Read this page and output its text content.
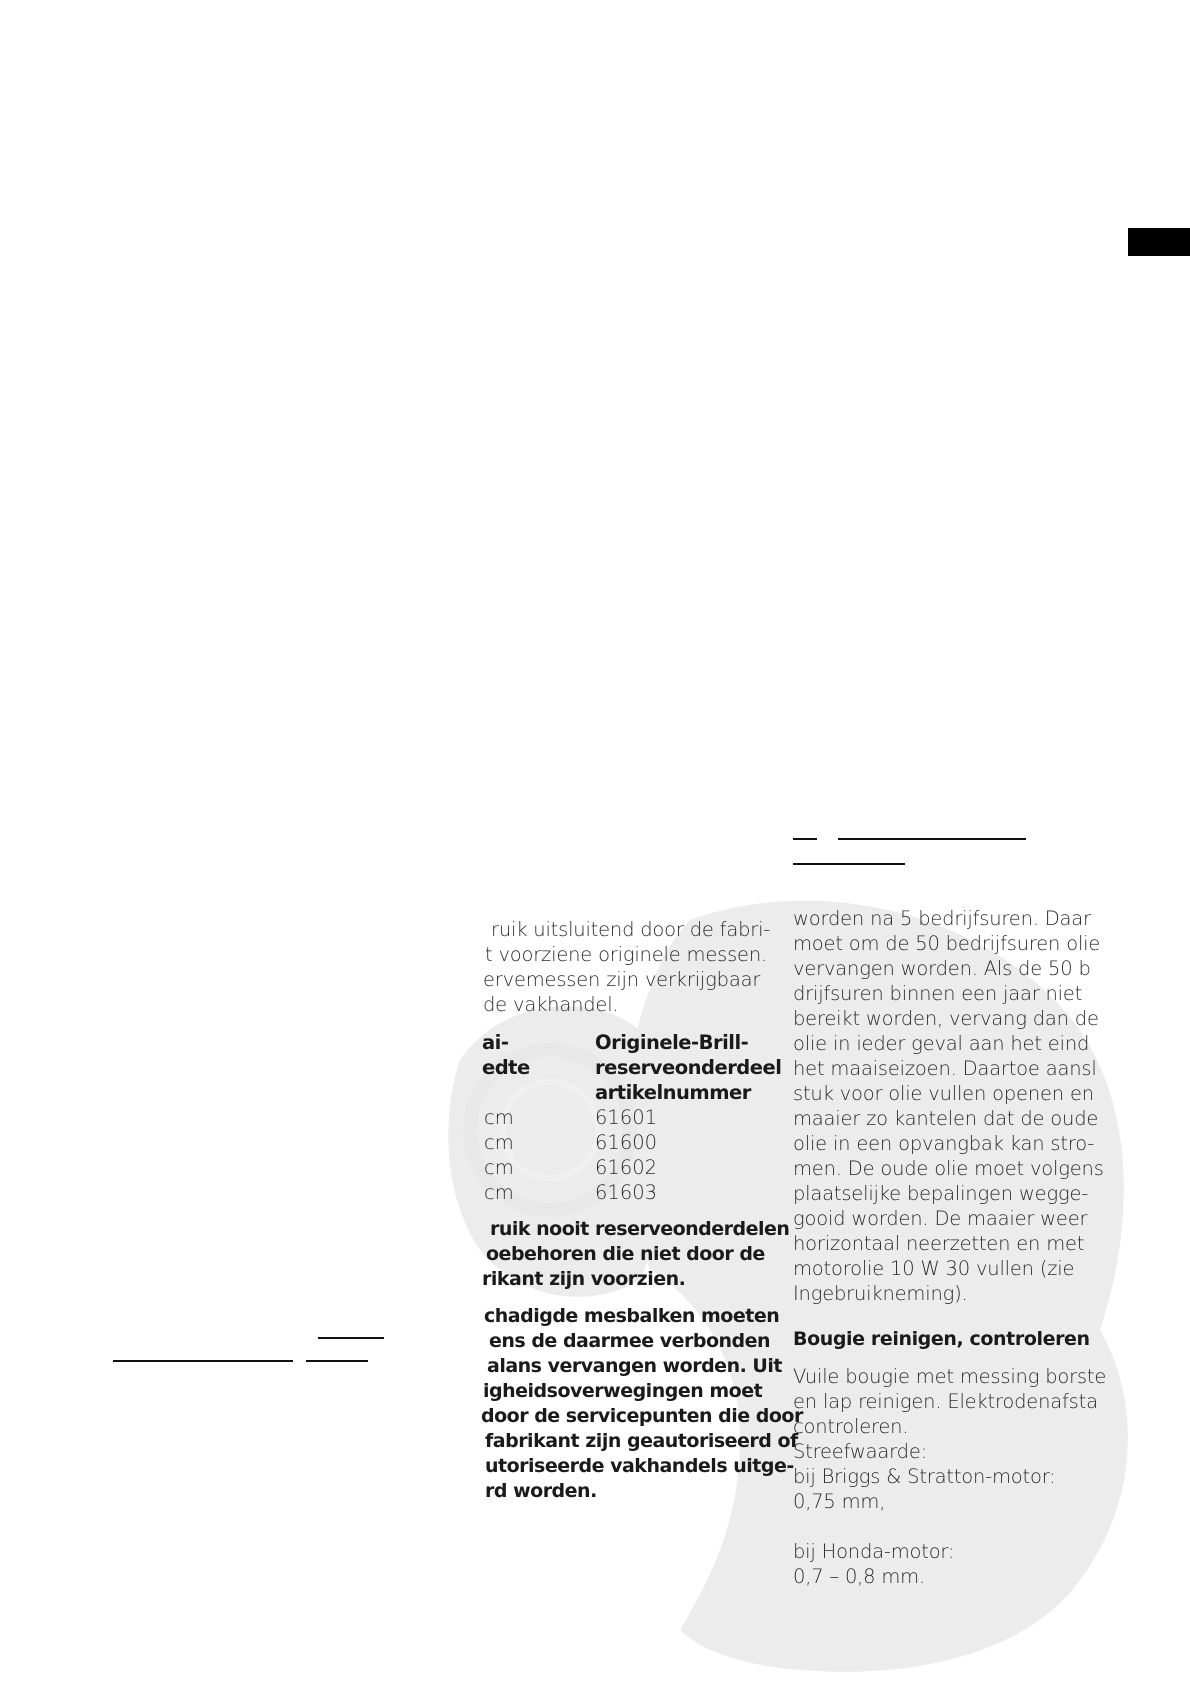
ruik uitsluitend door de fabri-
t voorziene originele messen.
ervemessen zijn verkrijgbaar
de vakhandel.
ai-	Originele-Brill-
edte	reserveonderdeel
artikelnummer
cm	61601
cm	61600
cm	61602
cm	61603
ruik nooit reserveonderdelen
oebehoren die niet door de
rikant zijn voorzien.
chadigde mesbalken moeten
ens de daarmee verbonden
alans vervangen worden. Uit
igheidsoverwegingen moet
door de servicepunten die door
fabrikant zijn geautoriseerd of
utoriseerde vakhandels uitge-
rd worden.
worden na 5 bedrijfsuren. Daar
moet om de 50 bedrijfsuren olie
vervangen worden. Als de 50 b
drijfsuren binnen een jaar niet
bereikt worden, vervang dan de
olie in ieder geval aan het eind
het maaiseizoen. Daartoe aansl
stuk voor olie vullen openen en
maaier zo kantelen dat de oude
olie in een opvangbak kan stro-
men. De oude olie moet volgens
plaatselijke bepalingen wegge-
gooid worden. De maaier weer
horizontaal neerzetten en met
motorolie 10 W 30 vullen (zie
Ingebruikneming).
Bougie reinigen, controleren
Vuile bougie met messing borste
en lap reinigen. Elektrodenafsta
controleren.
Streefwaarde:
bij Briggs & Stratton-motor:
0,75 mm,
bij Honda-motor:
0,7 – 0,8 mm.
